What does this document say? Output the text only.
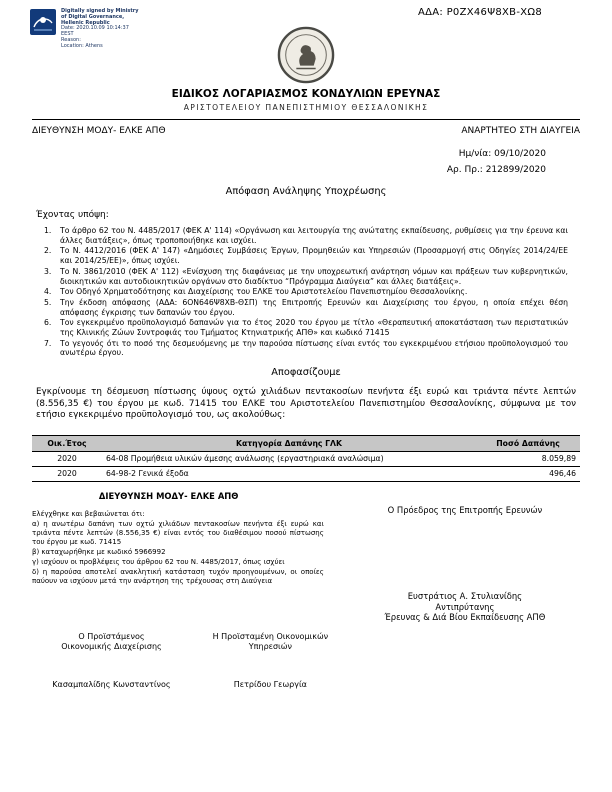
ΑΔΑ: Ρ0ΖΧ46Ψ8ΧΒ-ΧΩ8
Digitally signed by Ministry
of Digital Governance,
Hellenic Republic
Date: 2020.10.09 10:14:37
EEST
Reason:
Location: Athens
ΕΙΔΙΚΟΣ ΛΟΓΑΡΙΑΣΜΟΣ ΚΟΝΔΥΛΙΩΝ ΕΡΕΥΝΑΣ
ΑΡΙΣΤΟΤΕΛΕΙΟΥ ΠΑΝΕΠΙΣΤΗΜΙΟΥ ΘΕΣΣΑΛΟΝΙΚΗΣ
ΔΙΕΥΘΥΝΣΗ ΜΟΔΥ- ΕΛΚΕ ΑΠΘ	ΑΝΑΡΤΗΤΕΟ ΣΤΗ ΔΙΑΥΓΕΙΑ
Ημ/νία: 09/10/2020
Αρ. Πρ.: 212899/2020
Απόφαση Ανάληψης Υποχρέωσης
Έχοντας υπόψη:
1.	Το άρθρο 62 του Ν. 4485/2017 (ΦΕΚ Α' 114) «Οργάνωση και λειτουργία της ανώτατης εκπαίδευσης, ρυθμίσεις για την έρευνα και άλλες διατάξεις», όπως τροποποιήθηκε και ισχύει.
2.	Το Ν. 4412/2016 (ΦΕΚ Α' 147) «Δημόσιες Συμβάσεις Έργων, Προμηθειών και Υπηρεσιών (Προσαρμογή στις Οδηγίες 2014/24/ΕΕ και 2014/25/ΕΕ)», όπως ισχύει.
3.	Το Ν. 3861/2010 (ΦΕΚ Α' 112) «Ενίσχυση της διαφάνειας με την υποχρεωτική ανάρτηση νόμων και πράξεων των κυβερνητικών, διοικητικών και αυτοδιοικητικών οργάνων στο διαδίκτυο “Πρόγραμμα Διαύγεια” και άλλες διατάξεις».
4.	Τον Οδηγό Χρηματοδότησης και Διαχείρισης του ΕΛΚΕ του Αριστοτελείου Πανεπιστημίου Θεσσαλονίκης.
5.	Την έκδοση απόφασης (ΑΔΑ: 6ΟΝ646Ψ8ΧΒ-ΘΣΠ) της Επιτροπής Ερευνών και Διαχείρισης του έργου, η οποία επέχει θέση απόφασης έγκρισης των δαπανών του έργου.
6.	Τον εγκεκριμένο προϋπολογισμό δαπανών για το έτος 2020 του έργου με τίτλο «Θεραπευτική αποκατάσταση των περιστατικών της Κλινικής Ζώων Συντροφιάς του Τμήματος Κτηνιατρικής ΑΠΘ» και κωδικό 71415
7.	Το γεγονός ότι το ποσό της δεσμευόμενης με την παρούσα πίστωσης είναι εντός του εγκεκριμένου ετήσιου προϋπολογισμού του ανωτέρω έργου.
Αποφασίζουμε
Εγκρίνουμε τη δέσμευση πίστωσης ύψους οχτώ χιλιάδων πεντακοσίων πενήντα έξι ευρώ και τριάντα πέντε λεπτών (8.556,35 €) του έργου με κωδ. 71415 του ΕΛΚΕ του Αριστοτελείου Πανεπιστημίου Θεσσαλονίκης, σύμφωνα με τον ετήσιο εγκεκριμένο προϋπολογισμό του, ως ακολούθως:
Οικ.Έτος	Κατηγορία Δαπάνης ΓΛΚ	Ποσό Δαπάνης
2020	64-08 Προμήθεια υλικών άμεσης ανάλωσης (εργαστηριακά αναλώσιμα)	8.059,89
2020	64-98-2 Γενικά έξοδα	496,46
ΔΙΕΥΘΥΝΣΗ ΜΟΔΥ- ΕΛΚΕ ΑΠΘ
Ελέγχθηκε και βεβαιώνεται ότι:
α) η ανωτέρω δαπάνη των οχτώ χιλιάδων πεντακοσίων πενήντα έξι ευρώ και τριάντα πέντε λεπτών (8.556,35 €) είναι εντός του διαθέσιμου ποσού πίστωσης του έργου με κωδ. 71415
β) καταχωρήθηκε με κωδικό 5966992
γ) ισχύουν οι προβλέψεις του άρθρου 62 του Ν. 4485/2017, όπως ισχύει
δ) η παρούσα αποτελεί ανακλητική κατάσταση τυχόν προηγουμένων, οι οποίες παύουν να ισχύουν μετά την ανάρτηση της τρέχουσας στη Διαύγεια
Ο Προϊστάμενος
Οικονομικής Διαχείρισης
Η Προϊσταμένη Οικονομικών
Υπηρεσιών
Κασαμπαλίδης Κωνσταντίνος	Πετρίδου Γεωργία
Ο Πρόεδρος της Επιτροπής Ερευνών
Ευστράτιος Α. Στυλιανίδης
Αντιπρύτανης
Έρευνας & Διά Βίου Εκπαίδευσης ΑΠΘ
